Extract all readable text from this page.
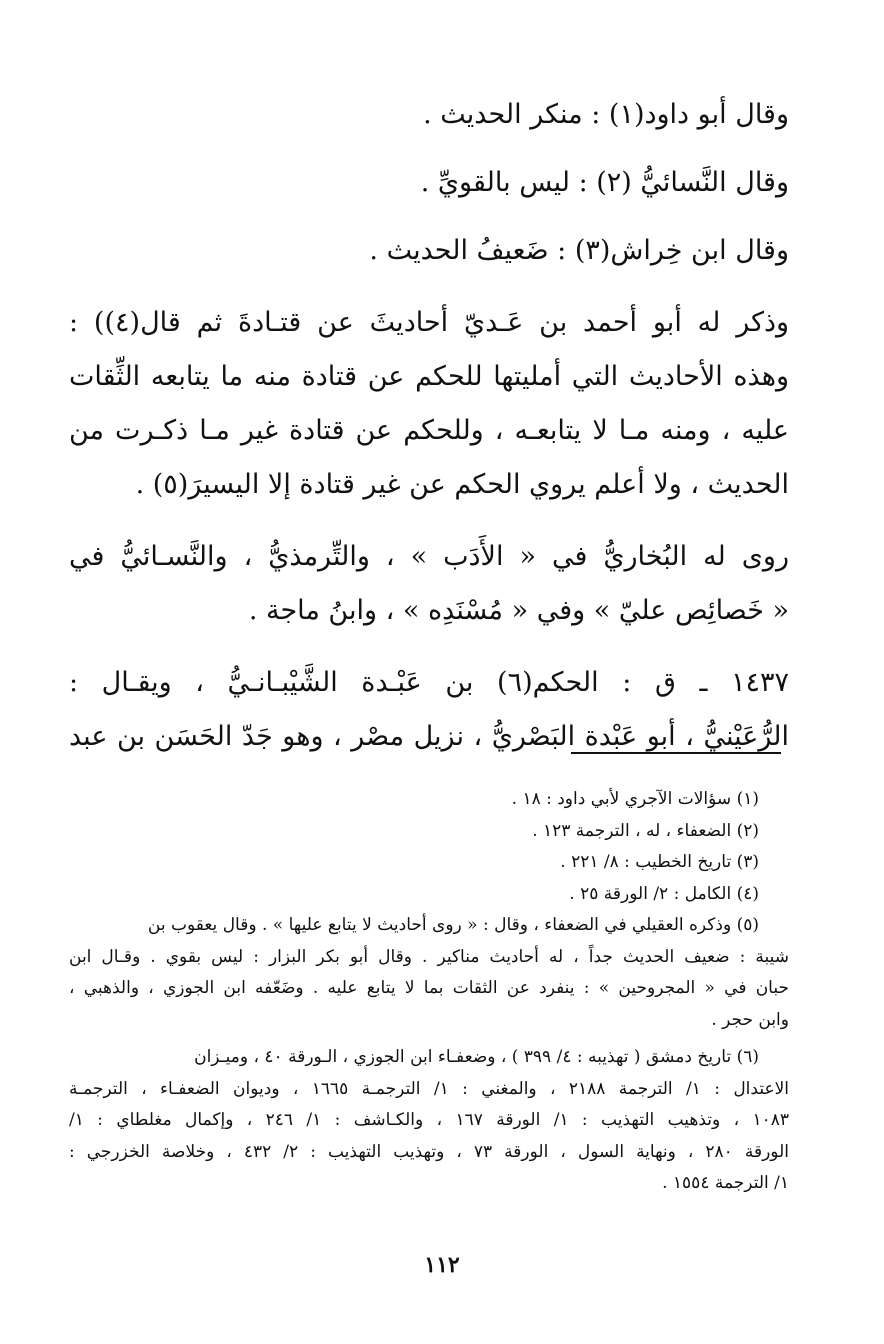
وقال أبو داود(١) : منكر الحديث .

وقال النَّسائيُّ (٢) : ليس بالقويِّ .

وقال ابن خِراش(٣) : ضَعيفُ الحديث .

وذكر له أبو أحمد بن عَـديّ أحاديثَ عن قتـادةَ ثم قال(٤)) :

وهذه الأحاديث التي أمليتها للحكم عن قتادة منه ما يتابعه الثِّقات

عليه ، ومنه مـا لا يتابعـه ، وللحكم عن قتادة غير مـا ذكـرت من

الحديث ، ولا أعلم يروي الحكم عن غير قتادة إلا اليسيرَ(٥) .

روى له البُخاريُّ في « الأَدَب » ، والتِّرمذيُّ ، والنَّسـائيُّ في

« خَصائِص عليّ » وفي « مُسْنَدِه » ، وابنُ ماجة .

١٤٣٧ ـ ق : الحكم(٦) بن عَبْـدة الشَّيْبـانـيُّ ، ويقـال :

الرُّعَيْنيُّ ، أبو عَبْدة البَصْريُّ ، نزيل مصْر ، وهو جَدّ الحَسَن بن عبد

(١) سؤالات الآجري لأبي داود : ١٨ .

(٢) الضعفاء ، له ، الترجمة ١٢٣ .

(٣) تاريخ الخطيب : ٨/ ٢٢١ .

(٤) الكامل : ٢/ الورقة ٢٥ .

(٥) وذكره العقيلي في الضعفاء ، وقال : « روى أحاديث لا يتابع عليها » . وقال يعقوب بن
شيبة : ضعيف الحديث جداً ، له أحاديث مناكير . وقال أبو بكر البزار : ليس بقوي . وقـال ابن
حبان في « المجروحين » : ينفرد عن الثقات بما لا يتابع عليه . وضَعّفه ابن الجوزي ، والذهبي ،
وابن حجر .
(٦) تاريخ دمشق ( تهذيبه : ٤/ ٣٩٩ ) ، وضعفـاء ابن الجوزي ، الـورقة ٤٠ ، وميـزان
الاعتدال : ١/ الترجمة ٢١٨٨ ، والمغني : ١/ الترجمـة ١٦٦٥ ، وديوان الضعفـاء ، الترجمـة
١٠٨٣ ، وتذهيب التهذيب : ١/ الورقة ١٦٧ ، والكـاشف : ١/ ٢٤٦ ، وإكمال مغلطاي : ١/
الورقة ٢٨٠ ، ونهاية السول ، الورقة ٧٣ ، وتهذيب التهذيب : ٢/ ٤٣٢ ، وخلاصة الخزرجي :
١/ الترجمة ١٥٥٤ .
١١٢
